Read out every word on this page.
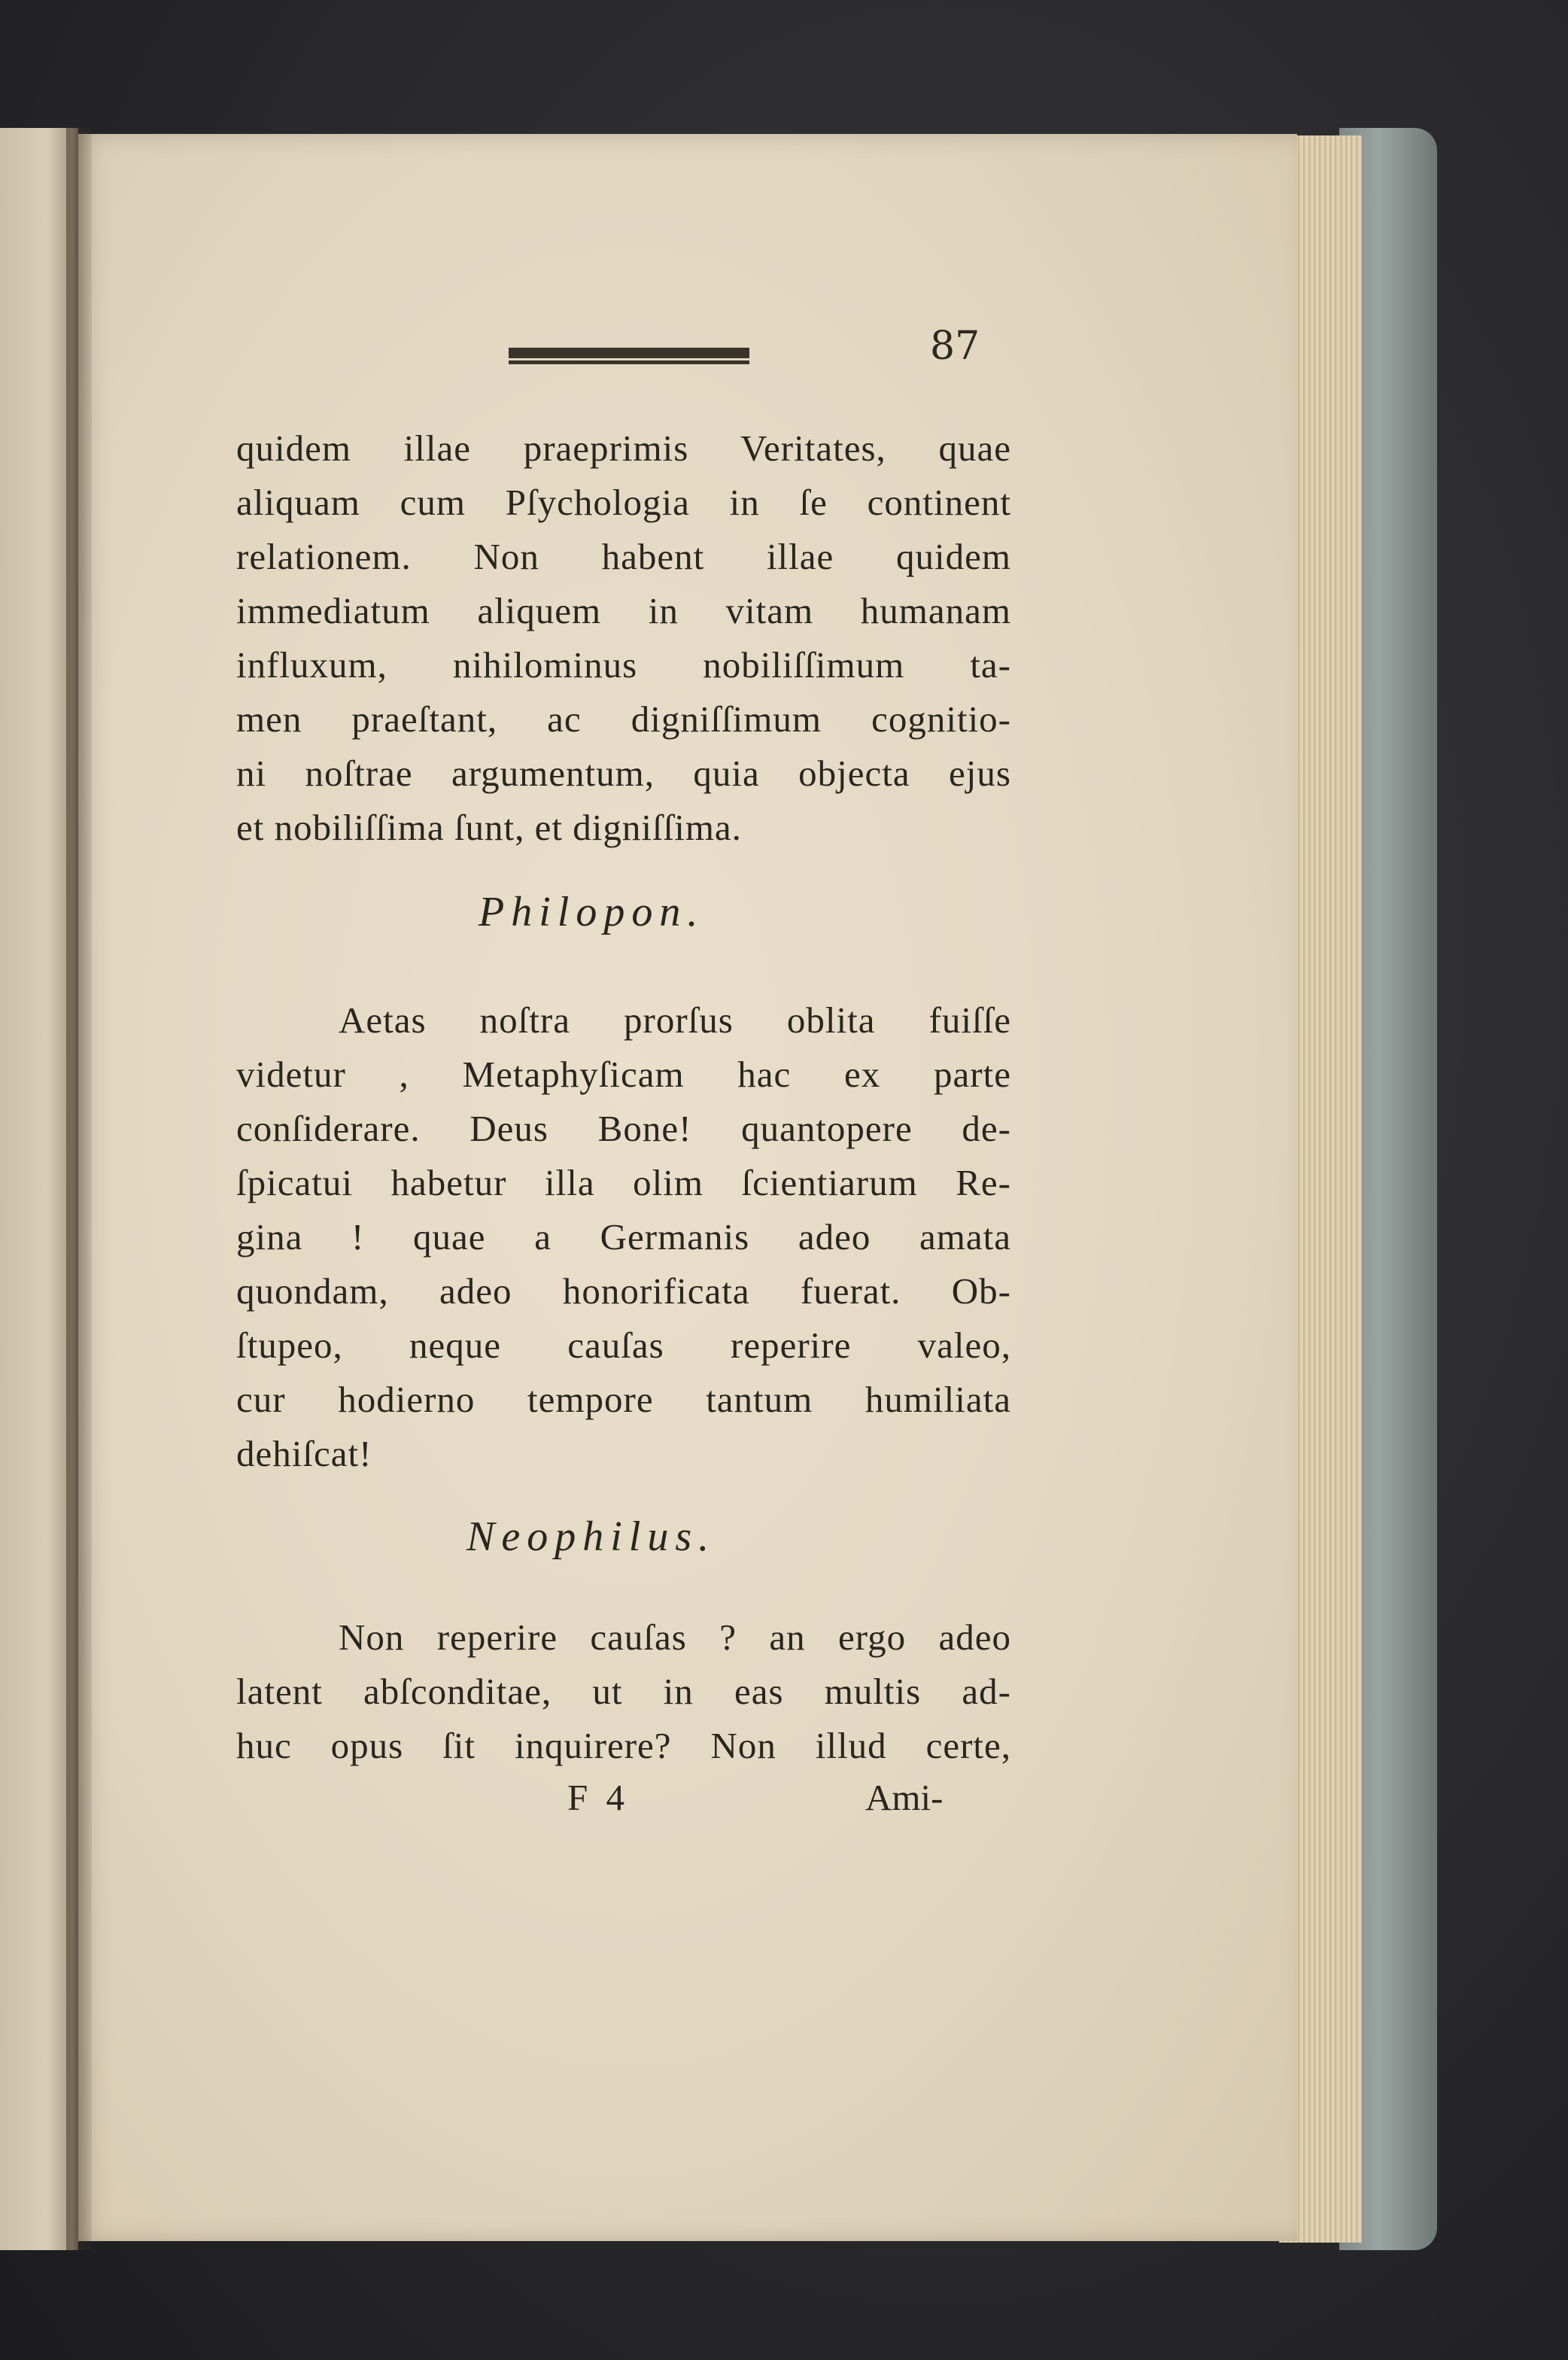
87
quidem illae praeprimis Veritates, quae
aliquam cum Pſychologia in ſe continent
relationem. Non habent illae quidem
immediatum aliquem in vitam humanam
influxum, nihilominus nobiliſſimum ta-
men praeſtant, ac digniſſimum cognitio-
ni noſtrae argumentum, quia objecta ejus
et nobiliſſima ſunt, et digniſſima.
Philopon.
Aetas noſtra prorſus oblita fuiſſe
videtur , Metaphyſicam hac ex parte
conſiderare. Deus Bone! quantopere de-
ſpicatui habetur illa olim ſcientiarum Re-
gina ! quae a Germanis adeo amata
quondam, adeo honorificata fuerat. Ob-
ſtupeo, neque cauſas reperire valeo,
cur hodierno tempore tantum humiliata
dehiſcat!
Neophilus.
Non reperire cauſas ? an ergo adeo
latent abſconditae, ut in eas multis ad-
huc opus ſit inquirere? Non illud certe,
F 4	Ami-
